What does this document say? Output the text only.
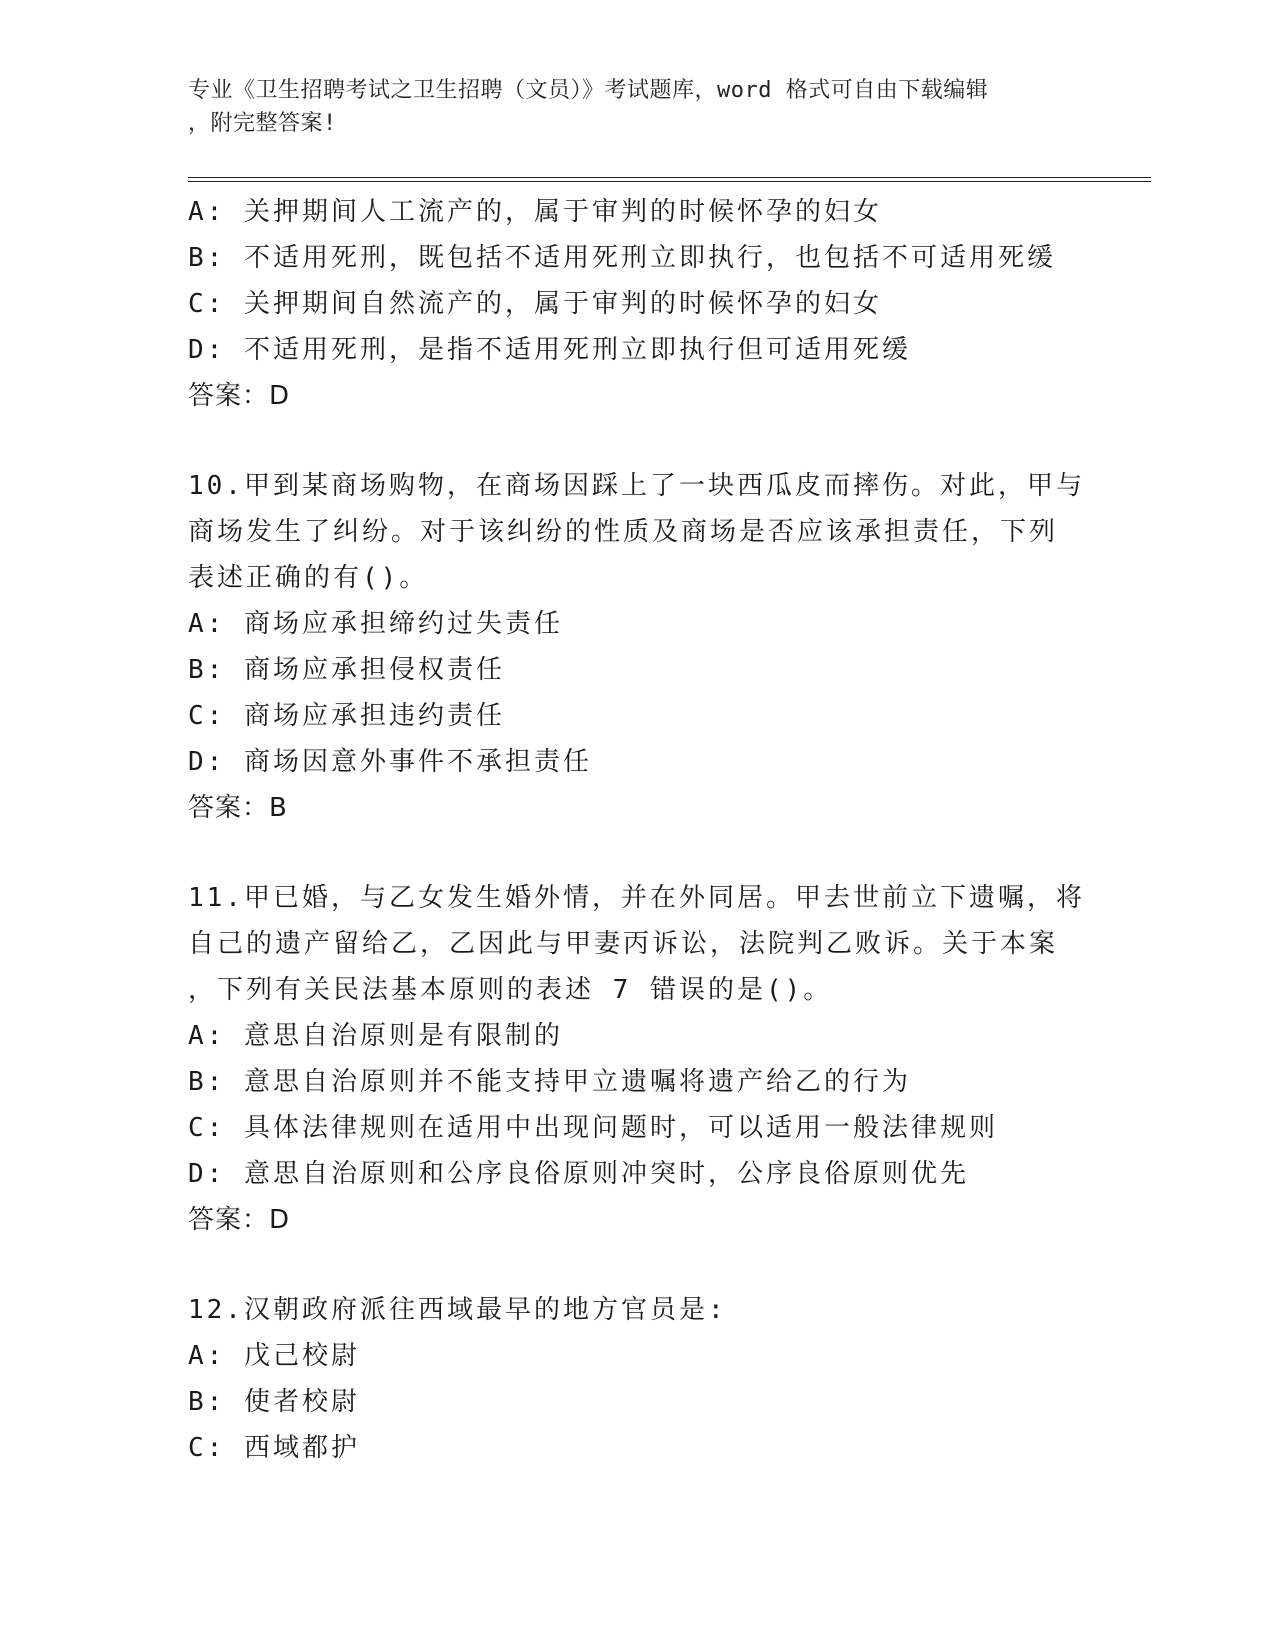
专业《卫生招聘考试之卫生招聘（文员）》考试题库，word 格式可自由下载编辑
，附完整答案!
A: 关押期间人工流产的，属于审判的时候怀孕的妇女
B: 不适用死刑，既包括不适用死刑立即执行，也包括不可适用死缓
C: 关押期间自然流产的，属于审判的时候怀孕的妇女
D: 不适用死刑，是指不适用死刑立即执行但可适用死缓
答案：D
10.甲到某商场购物，在商场因踩上了一块西瓜皮而摔伤。对此，甲与
商场发生了纠纷。对于该纠纷的性质及商场是否应该承担责任，下列
表述正确的有()。
A: 商场应承担缔约过失责任
B: 商场应承担侵权责任
C: 商场应承担违约责任
D: 商场因意外事件不承担责任
答案：B
11.甲已婚，与乙女发生婚外情，并在外同居。甲去世前立下遗嘱，将
自己的遗产留给乙，乙因此与甲妻丙诉讼，法院判乙败诉。关于本案
，下列有关民法基本原则的表述 7 错误的是()。
A: 意思自治原则是有限制的
B: 意思自治原则并不能支持甲立遗嘱将遗产给乙的行为
C: 具体法律规则在适用中出现问题时，可以适用一般法律规则
D: 意思自治原则和公序良俗原则冲突时，公序良俗原则优先
答案：D
12.汉朝政府派往西域最早的地方官员是:
A: 戊己校尉
B: 使者校尉
C: 西域都护
